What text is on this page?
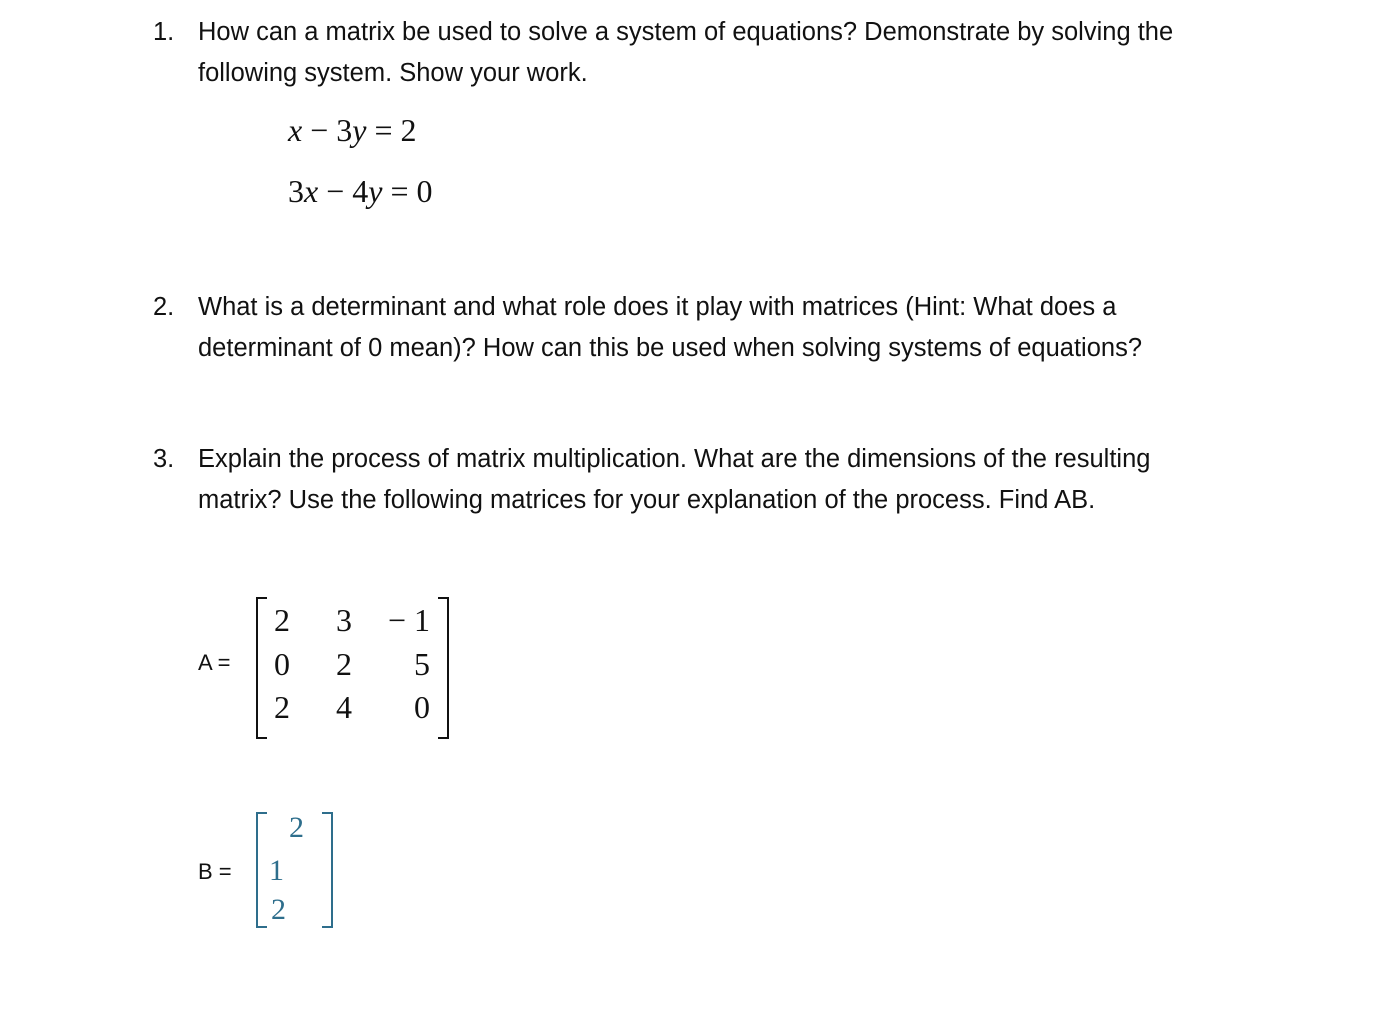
1. How can a matrix be used to solve a system of equations? Demonstrate by solving the
following system. Show your work.
x − 3y = 2
3x − 4y = 0
2. What is a determinant and what role does it play with matrices (Hint: What does a
determinant of 0 mean)? How can this be used when solving systems of equations?
3. Explain the process of matrix multiplication. What are the dimensions of the resulting
matrix? Use the following matrices for your explanation of the process. Find AB.
A =
2	3	− 1
0	2	5
2	4	0
B =
2
1
2
